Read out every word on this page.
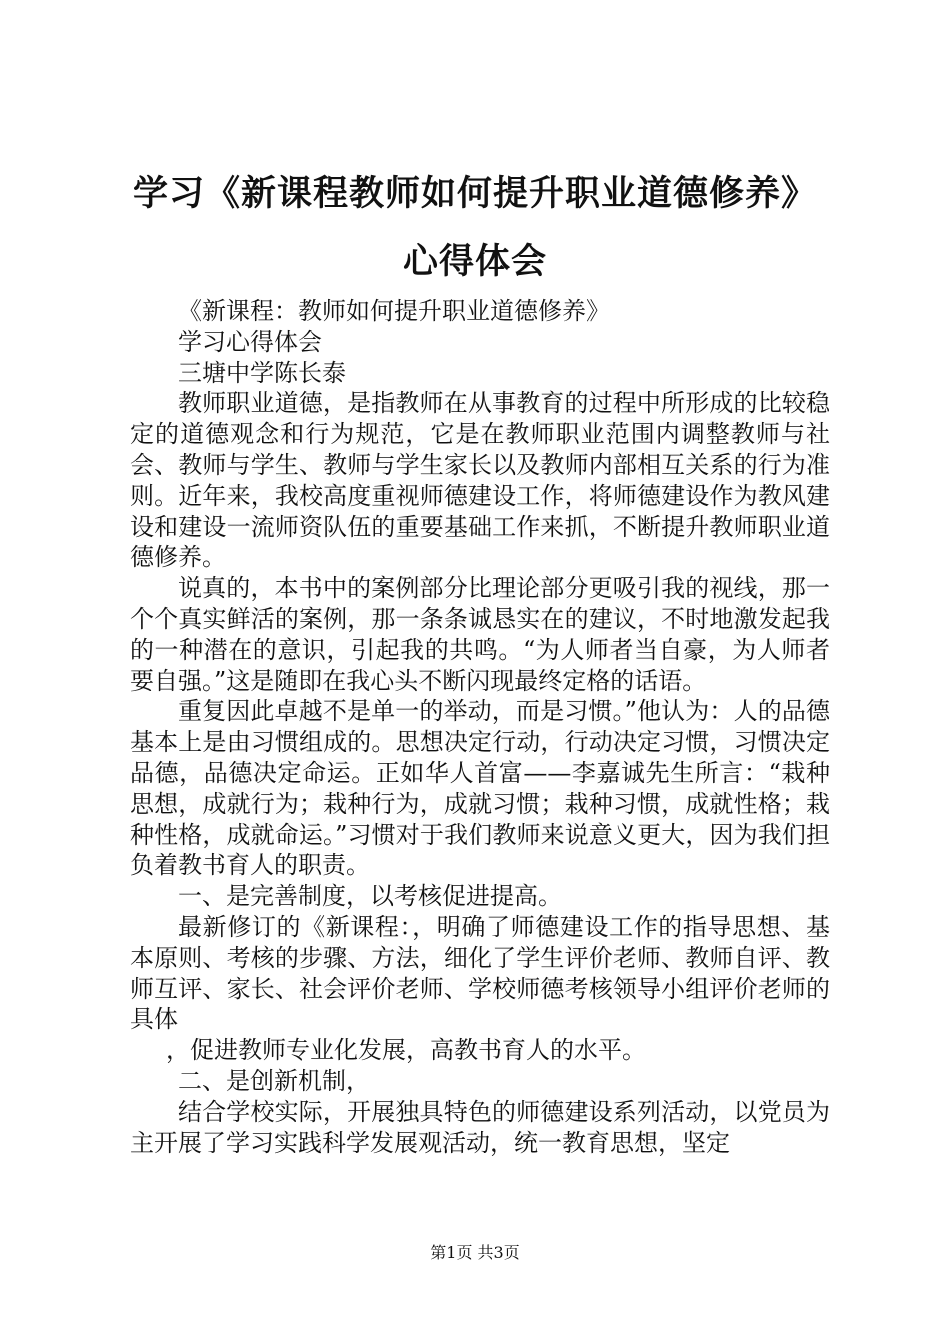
学习《新课程教师如何提升职业道德修养》心得体会

《新课程：教师如何提升职业道德修养》

学习心得体会

三塘中学陈长泰

教师职业道德，是指教师在从事教育的过程中所形成的比较稳定的道德观念和行为规范，它是在教师职业范围内调整教师与社会、教师与学生、教师与学生家长以及教师内部相互关系的行为准则。近年来，我校高度重视师德建设工作，将师德建设作为教风建设和建设一流师资队伍的重要基础工作来抓，不断提升教师职业道德修养。

说真的，本书中的案例部分比理论部分更吸引我的视线，那一个个真实鲜活的案例，那一条条诚恳实在的建议，不时地激发起我的一种潜在的意识，引起我的共鸣。“为人师者当自豪，为人师者要自强。”这是随即在我心头不断闪现最终定格的话语。

重复因此卓越不是单一的举动，而是习惯。”他认为：人的品德基本上是由习惯组成的。思想决定行动，行动决定习惯，习惯决定品德，品德决定命运。正如华人首富——李嘉诚先生所言：“栽种思想，成就行为；栽种行为，成就习惯；栽种习惯，成就性格；栽种性格，成就命运。”习惯对于我们教师来说意义更大，因为我们担负着教书育人的职责。

一、是完善制度，以考核促进提高。

最新修订的《新课程：，明确了师德建设工作的指导思想、基本原则、考核的步骤、方法，细化了学生评价老师、教师自评、教师互评、家长、社会评价老师、学校师德考核领导小组评价老师的具体

，促进教师专业化发展，高教书育人的水平。

二、是创新机制，

结合学校实际，开展独具特色的师德建设系列活动，以党员为主开展了学习实践科学发展观活动，统一教育思想，坚定

第1页 共3页
